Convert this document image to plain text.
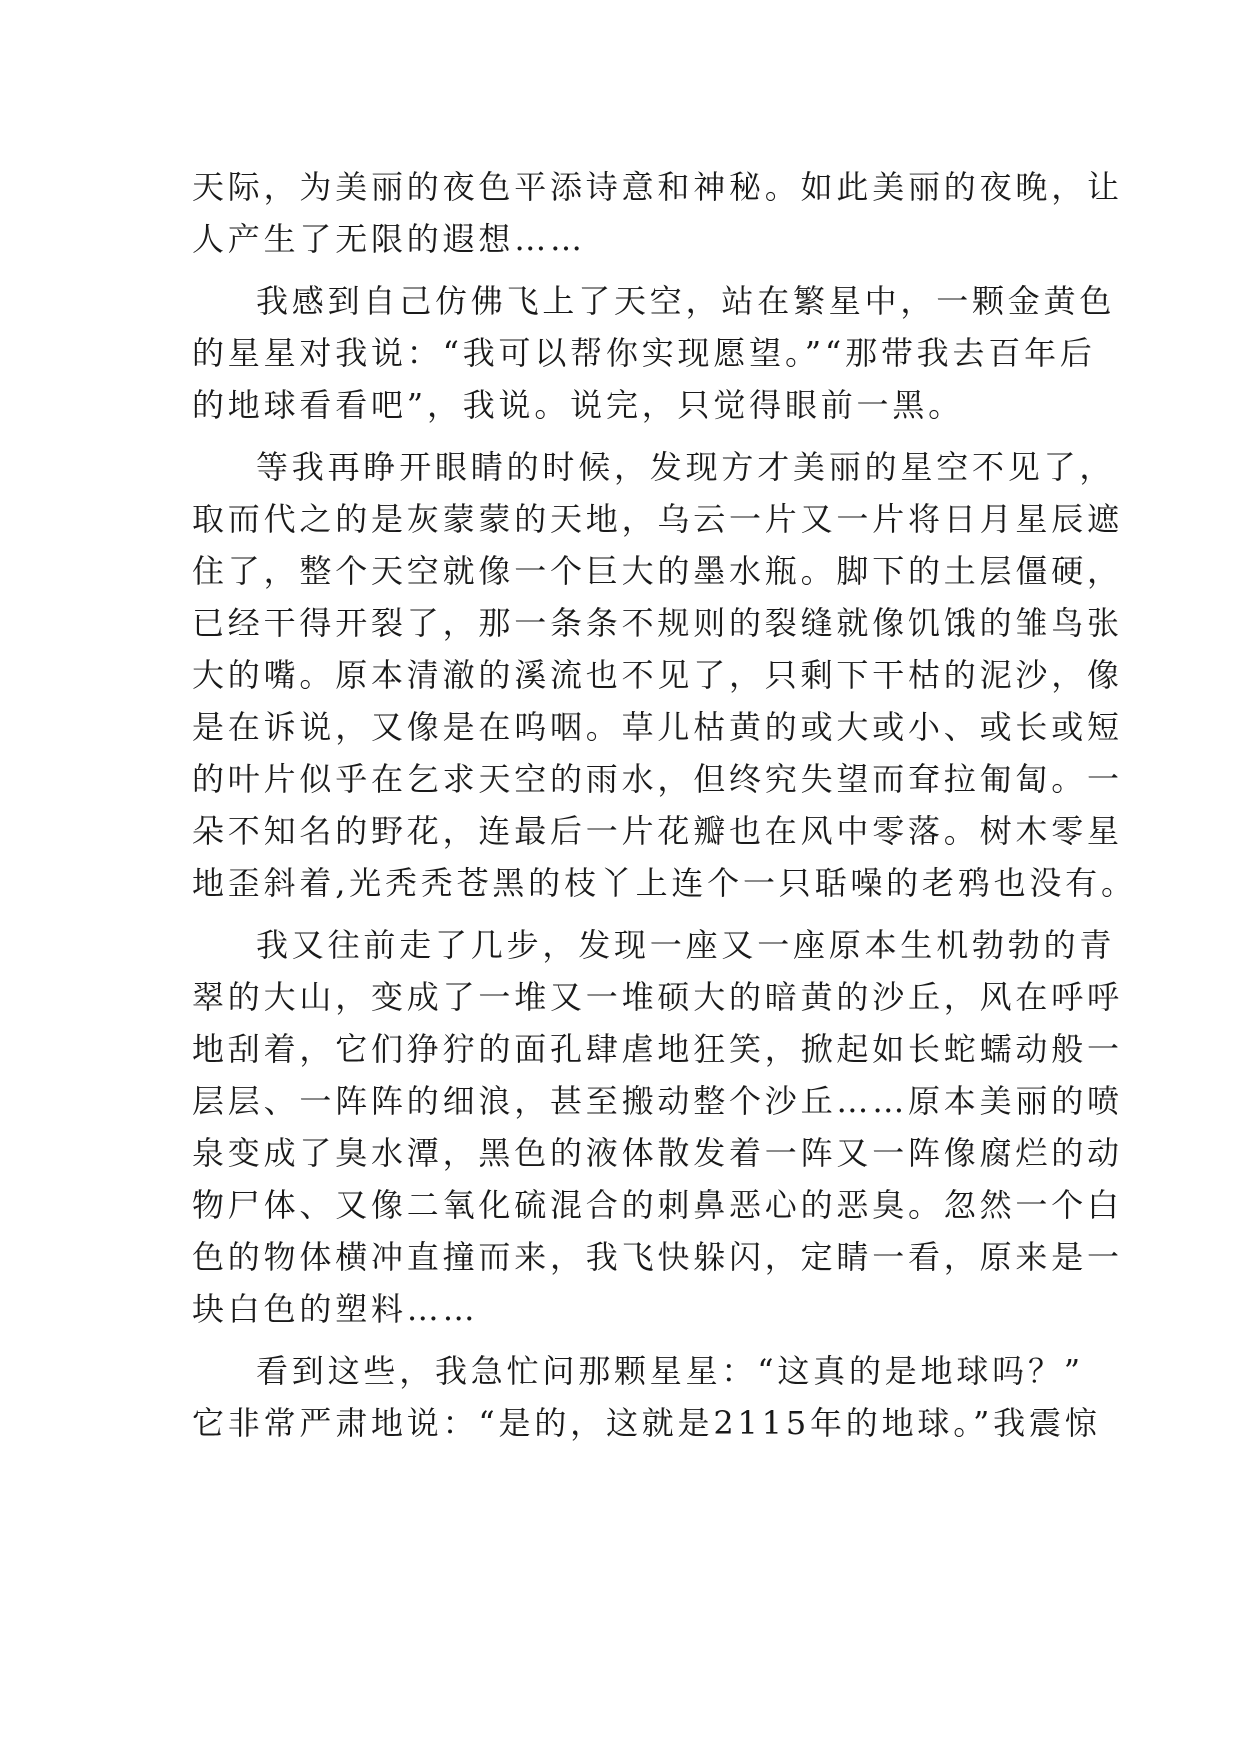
天际，为美丽的夜色平添诗意和神秘。如此美丽的夜晚，让
人产生了无限的遐想……
我感到自己仿佛飞上了天空，站在繁星中，一颗金黄色
的星星对我说：“我可以帮你实现愿望。”“那带我去百年后
的地球看看吧”，我说。说完，只觉得眼前一黑。
等我再睁开眼睛的时候，发现方才美丽的星空不见了，
取而代之的是灰蒙蒙的天地，乌云一片又一片将日月星辰遮
住了，整个天空就像一个巨大的墨水瓶。脚下的土层僵硬，
已经干得开裂了，那一条条不规则的裂缝就像饥饿的雏鸟张
大的嘴。原本清澈的溪流也不见了，只剩下干枯的泥沙，像
是在诉说，又像是在呜咽。草儿枯黄的或大或小、或长或短
的叶片似乎在乞求天空的雨水，但终究失望而耷拉匍匐。一
朵不知名的野花，连最后一片花瓣也在风中零落。树木零星
地歪斜着,光秃秃苍黑的枝丫上连个一只聒噪的老鸦也没有。
我又往前走了几步，发现一座又一座原本生机勃勃的青
翠的大山，变成了一堆又一堆硕大的暗黄的沙丘，风在呼呼
地刮着，它们狰狞的面孔肆虐地狂笑，掀起如长蛇蠕动般一
层层、一阵阵的细浪，甚至搬动整个沙丘……原本美丽的喷
泉变成了臭水潭，黑色的液体散发着一阵又一阵像腐烂的动
物尸体、又像二氧化硫混合的刺鼻恶心的恶臭。忽然一个白
色的物体横冲直撞而来，我飞快躲闪，定睛一看，原来是一
块白色的塑料……
看到这些，我急忙问那颗星星：“这真的是地球吗？”
它非常严肃地说：“是的，这就是2115年的地球。”我震惊
